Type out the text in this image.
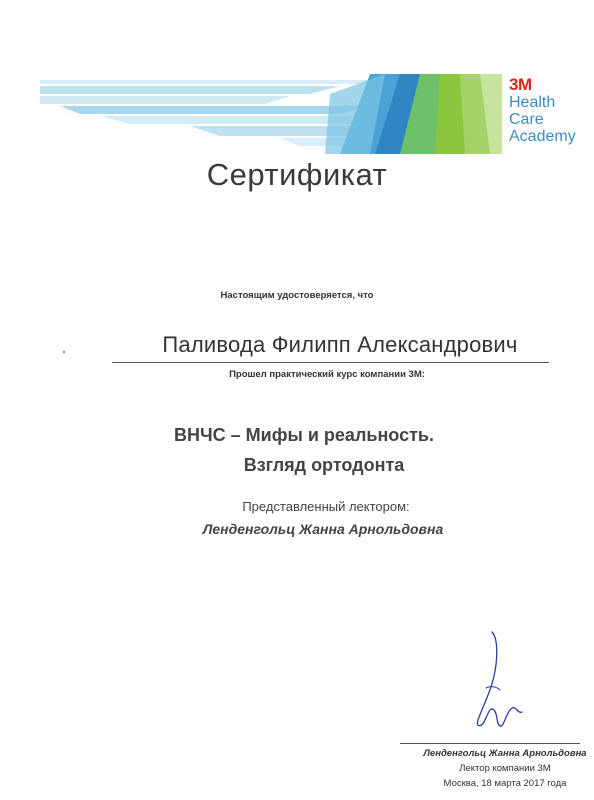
3M
Health
Care
Academy
Сертификат
Настоящим удостоверяется, что
Паливода Филипп Александрович
Прошел практический курс компании 3М:
ВНЧС – Мифы и реальность.
Взгляд ортодонта
Представленный лектором:
Ленденгольц Жанна Арнольдовна
Ленденгольц Жанна Арнольдовна
Лектор компании 3М
Москва, 18 марта 2017 года
